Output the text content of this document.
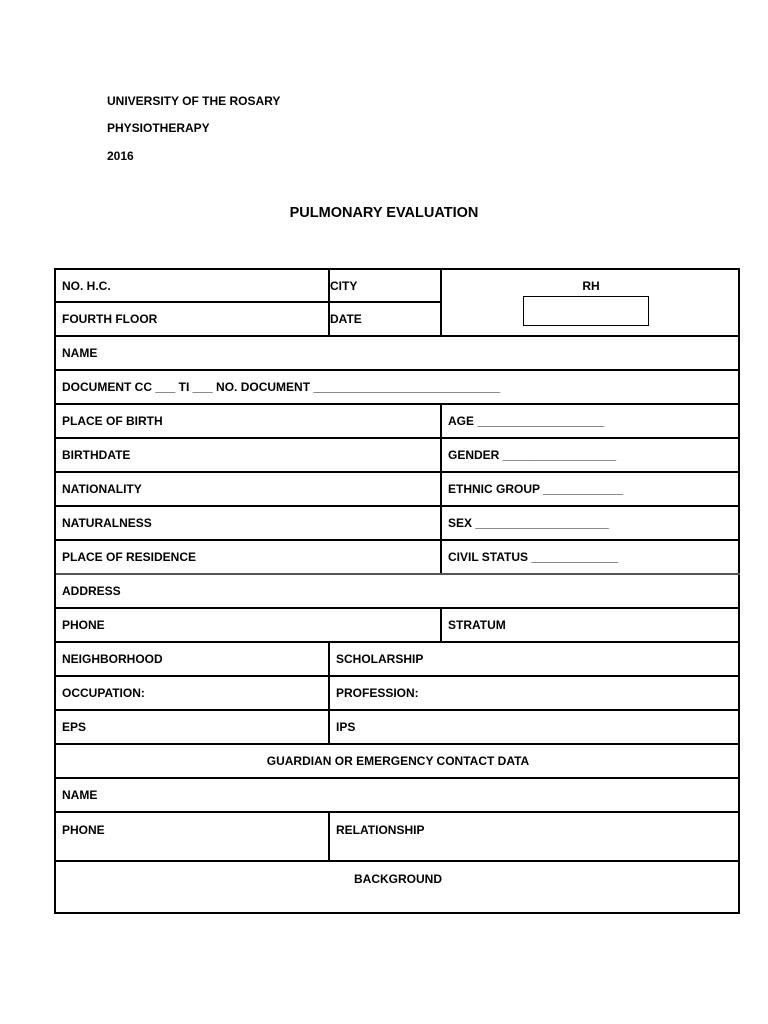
UNIVERSITY OF THE ROSARY
PHYSIOTHERAPY
2016
PULMONARY EVALUATION
NO. H.C.	CITY	RH
FOURTH FLOOR	DATE
NAME
DOCUMENT CC ___ TI ___ NO. DOCUMENT ____________________________
PLACE OF BIRTH	AGE ___________________
BIRTHDATE	GENDER _________________
NATIONALITY	ETHNIC GROUP ____________
NATURALNESS	SEX ____________________
PLACE OF RESIDENCE	CIVIL STATUS _____________
ADDRESS
PHONE	STRATUM
NEIGHBORHOOD	SCHOLARSHIP
OCCUPATION:	PROFESSION:
EPS	IPS
GUARDIAN OR EMERGENCY CONTACT DATA
NAME
PHONE	RELATIONSHIP
BACKGROUND
